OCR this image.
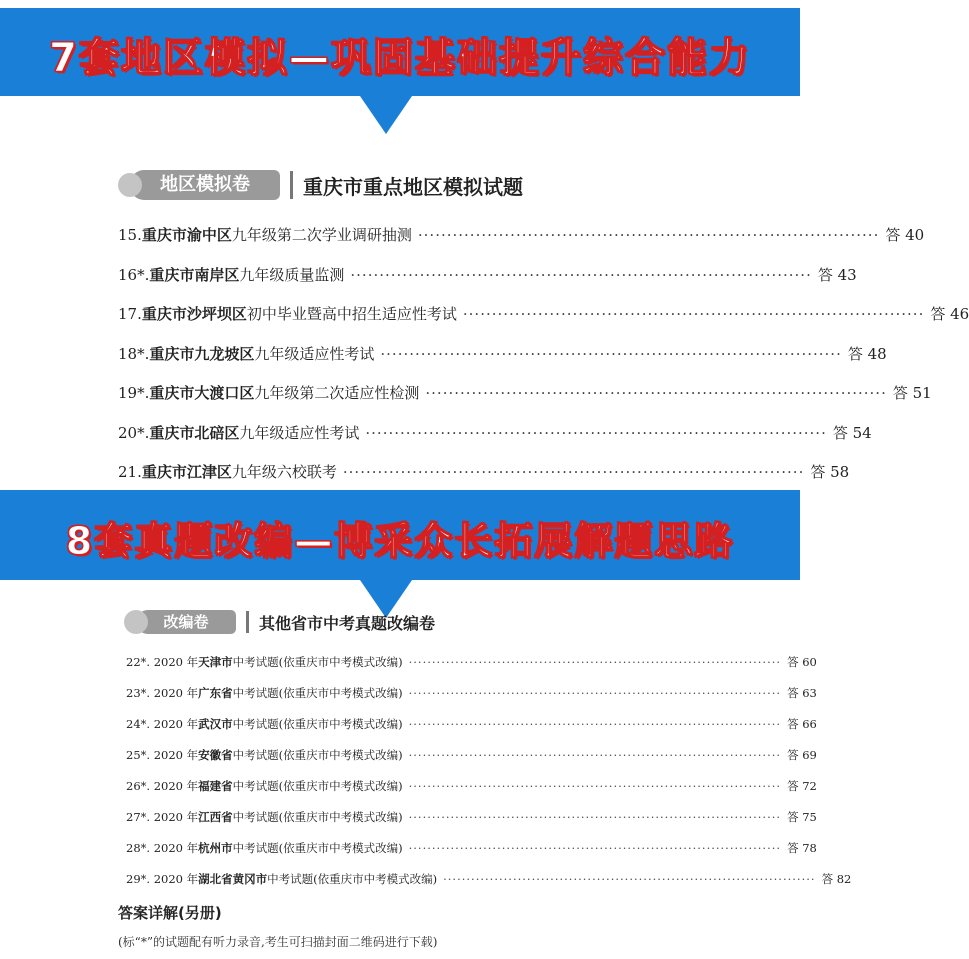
7套地区模拟—巩固基础提升综合能力
地区模拟卷	重庆市重点地区模拟试题
15. 重庆市渝中区 九年级第二次学业调研抽测 ················································································ 答 40
16*. 重庆市南岸区 九年级质量监测 ················································································ 答 43
17. 重庆市沙坪坝区 初中毕业暨高中招生适应性考试 ················································································ 答 46
18*. 重庆市九龙坡区 九年级适应性考试 ················································································ 答 48
19*. 重庆市大渡口区 九年级第二次适应性检测 ················································································ 答 51
20*. 重庆市北碚区 九年级适应性考试 ················································································ 答 54
21. 重庆市江津区 九年级六校联考 ················································································ 答 58
8套真题改编—博采众长拓展解题思路
改编卷	其他省市中考真题改编卷
22*. 2020 年 天津市 中考试题(依重庆市中考模式改编) ················································································ 答 60
23*. 2020 年 广东省 中考试题(依重庆市中考模式改编) ················································································ 答 63
24*. 2020 年 武汉市 中考试题(依重庆市中考模式改编) ················································································ 答 66
25*. 2020 年 安徽省 中考试题(依重庆市中考模式改编) ················································································ 答 69
26*. 2020 年 福建省 中考试题(依重庆市中考模式改编) ················································································ 答 72
27*. 2020 年 江西省 中考试题(依重庆市中考模式改编) ················································································ 答 75
28*. 2020 年 杭州市 中考试题(依重庆市中考模式改编) ················································································ 答 78
29*. 2020 年 湖北省黄冈市 中考试题(依重庆市中考模式改编) ················································································ 答 82
答案详解(另册)
(标“*”的试题配有听力录音,考生可扫描封面二维码进行下载)
